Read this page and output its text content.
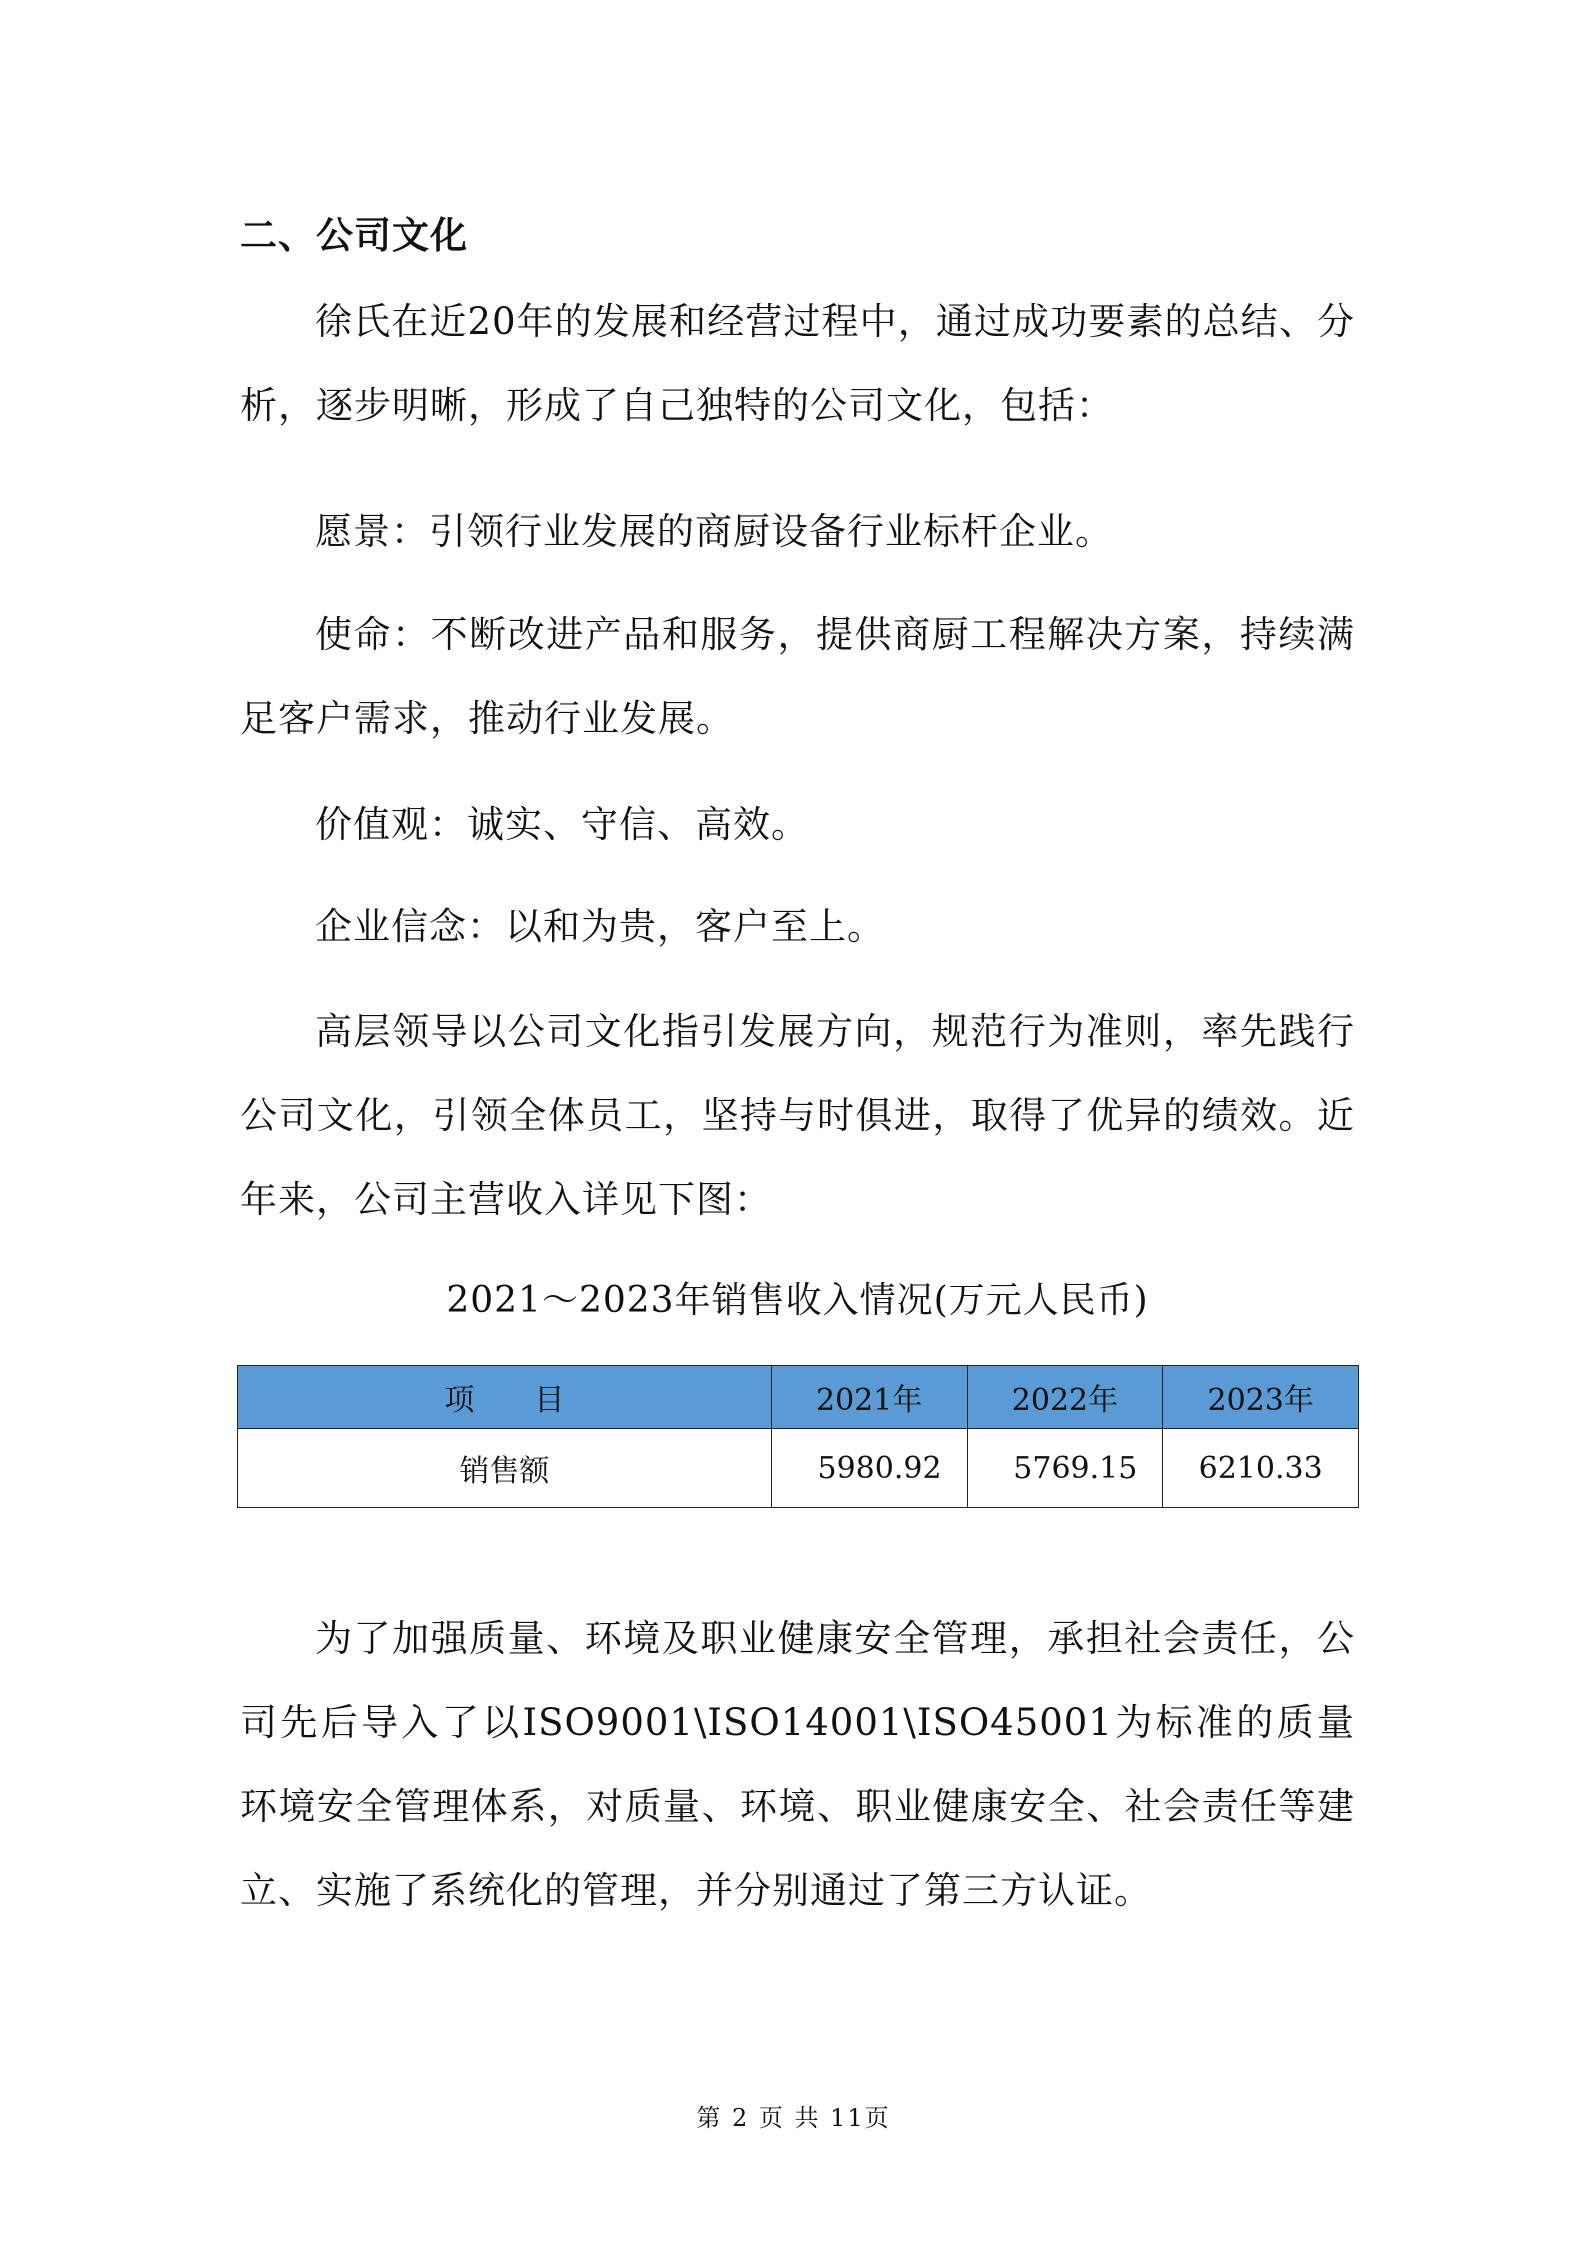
二、公司文化

徐氏在近20年的发展和经营过程中，通过成功要素的总结、分析，逐步明晰，形成了自己独特的公司文化，包括：

愿景：引领行业发展的商厨设备行业标杆企业。

使命：不断改进产品和服务，提供商厨工程解决方案，持续满足客户需求，推动行业发展。

价值观：诚实、守信、高效。

企业信念：以和为贵，客户至上。

高层领导以公司文化指引发展方向，规范行为准则，率先践行公司文化，引领全体员工，坚持与时俱进，取得了优异的绩效。近年来，公司主营收入详见下图：

2021～2023年销售收入情况(万元人民币)
项　　目	2021年	2022年	2023年
销售额	5980.92	5769.15	6210.33

为了加强质量、环境及职业健康安全管理，承担社会责任，公司先后导入了以ISO9001\ISO14001\ISO45001为标准的质量环境安全管理体系，对质量、环境、职业健康安全、社会责任等建立、实施了系统化的管理，并分别通过了第三方认证。

第 2 页 共 11页
